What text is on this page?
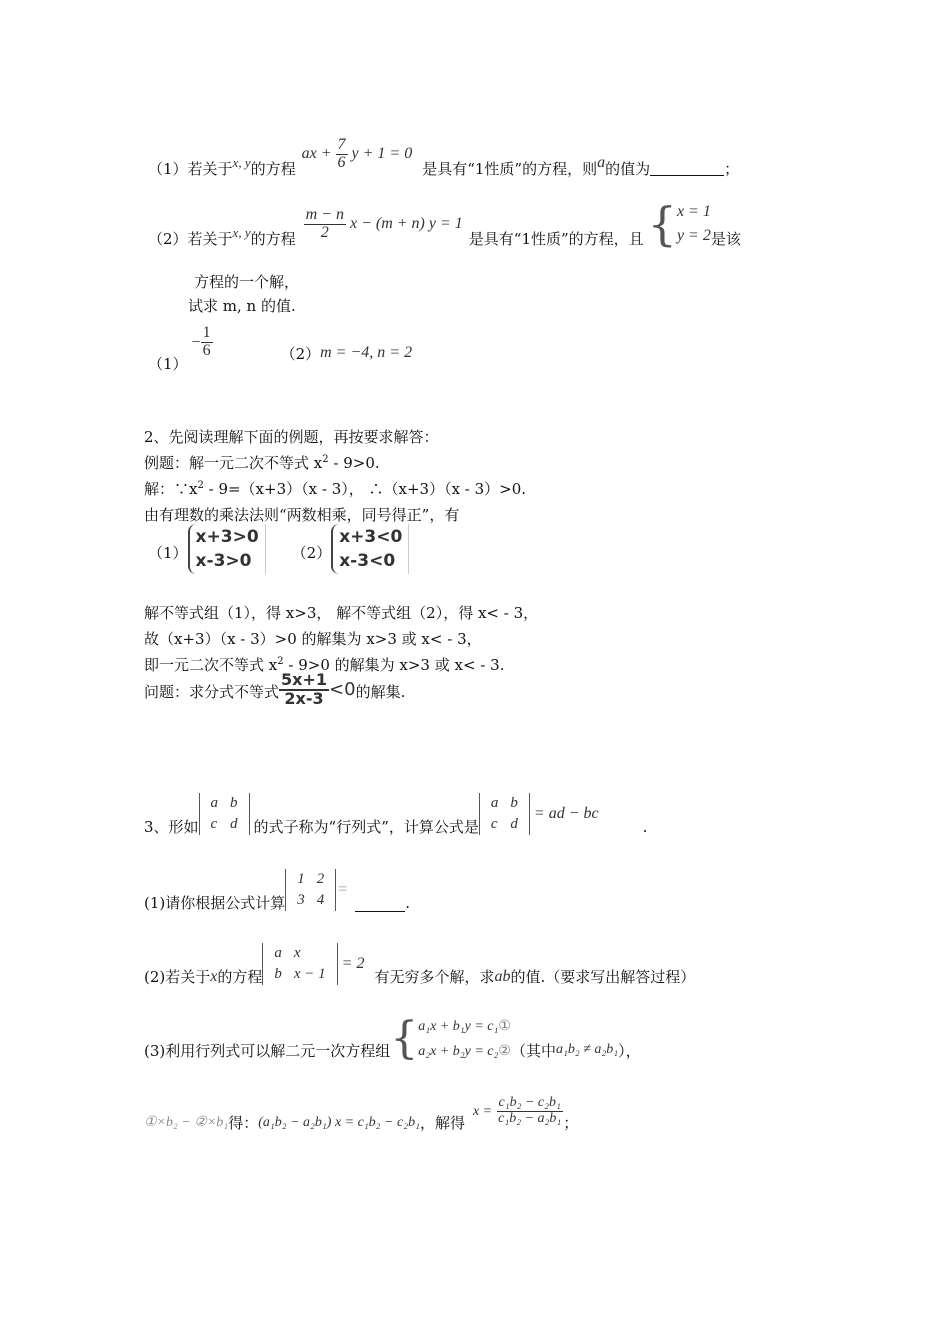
（1）若关于 x, y 的方程
ax + $\frac{7}{6}$ y + 1 = 0
是具有“1性质”的方程，则 a 的值为	；
（2）若关于 x, y 的方程 $\frac{m - n}{2}$ x − (m + n) y = 1
是具有“1性质”的方程，且 { x = 1
y = 2 是该
方程的一个解，
试求 m, n 的值.
（1）
− $\frac{1}{6}$	（2） m = −4, n = 2
2、先阅读理解下面的例题，再按要求解答：
例题：解一元二次不等式 $x^2 - 9>0$.
解：$\because x^2 - 9=(x+3)(x - 3)$， ∴（x+3）（x - 3）>0.
由有理数的乘法法则“两数相乘，同号得正”，有
（1）
x+3>0
x-3>0	（2）
x+3<0
x-3<0
解不等式组（1），得 x>3， 解不等式组（2），得 x< - 3，
故（x+3）（x - 3）>0 的解集为 x>3 或 x< - 3，
即一元二次不等式 $x^2 - 9>0$ 的解集为 x>3 或 x< - 3.
问题：求分式不等式 $\frac{5x+1}{2x-3} <0$ 的解集.
3、形如
a	b
c	d 的式子称为“行列式”，计算公式是
a	b
c	d
= ad − bc
.
(1)请你根据公式计算
1	2
3	4
=
.
(2)若关于 x 的方程
a	x
b	x − 1
= 2
有无穷多个解，求 ab 的值.（要求写出解答过程）
(3)利用行列式可以解二元一次方程组 { a₁x + b₁y = c₁①
a₂x + b₂y = c₂② （其中 a₁b₂ ≠ a₂b₁ ），
①×b₂ − ②×b₁ 得： (a₁b₂ − a₂b₁) x = c₁b₂ − c₂b₁ ，解得
$x = \frac{\text{c₁b₂ − c₂b₁}}{\text{c₁b₂ − a₂b₁}}$ ；
